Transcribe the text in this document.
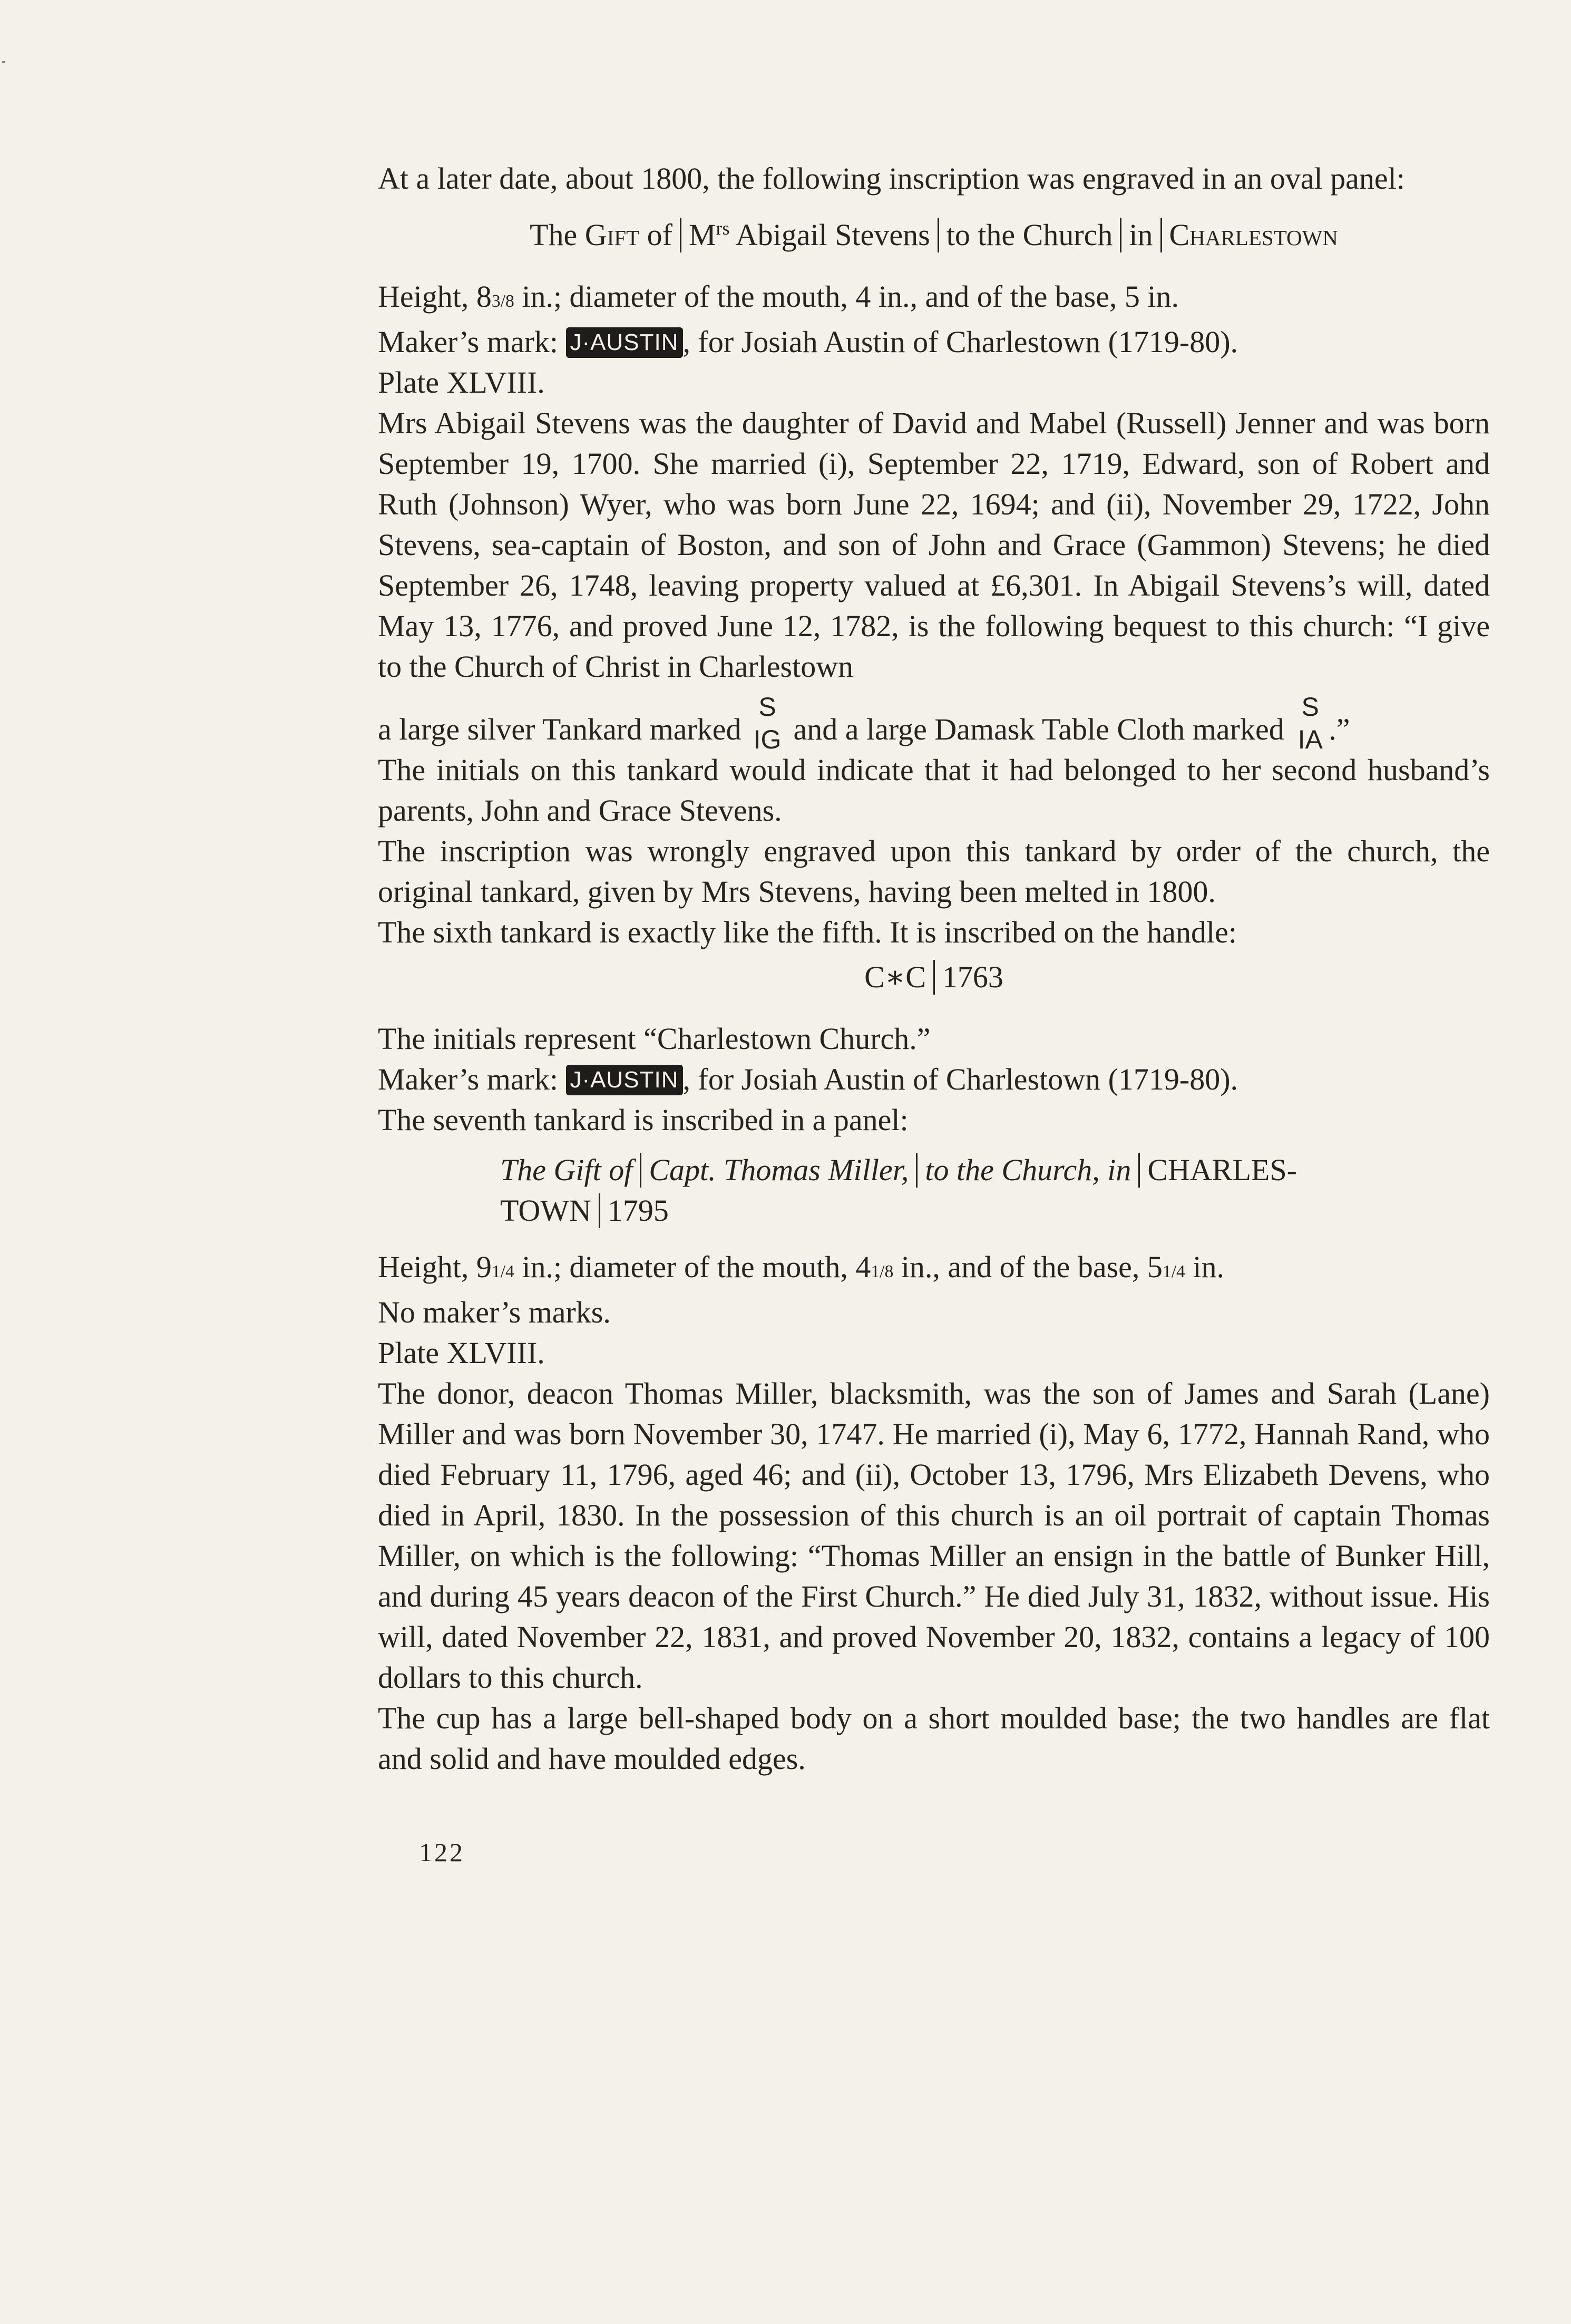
At a later date, about 1800, the following inscription was engraved in an oval panel:

The Gift of $M^{rs}$ Abigail Stevens to the Church in Charlestown

Height, 83/8 in.; diameter of the mouth, 4 in., and of the base, 5 in.

Maker’s mark: J·AUSTIN , for Josiah Austin of Charlestown (1719-80).

Plate XLVIII.

Mrs Abigail Stevens was the daughter of David and Mabel (Russell) Jenner and was born September 19, 1700. She married (i), September 22, 1719, Edward, son of Robert and Ruth (Johnson) Wyer, who was born June 22, 1694; and (ii), November 29, 1722, John Stevens, sea-captain of Boston, and son of John and Grace (Gammon) Stevens; he died September 26, 1748, leaving property valued at £6,301. In Abigail Stevens’s will, dated May 13, 1776, and proved June 12, 1782, is the following bequest to this church: “I give to the Church of Christ in Charlestown

a large silver Tankard marked
S
IG and a large Damask Table Cloth marked
S
IA .”

The initials on this tankard would indicate that it had belonged to her second husband’s parents, John and Grace Stevens.

The inscription was wrongly engraved upon this tankard by order of the church, the original tankard, given by Mrs Stevens, having been melted in 1800.

The sixth tankard is exactly like the fifth. It is inscribed on the handle:

C∗C 1763

The initials represent “Charlestown Church.”

Maker’s mark: J·AUSTIN , for Josiah Austin of Charlestown (1719-80).

The seventh tankard is inscribed in a panel:

The Gift of Capt. Thomas Miller, to the Church, in CHARLES-
TOWN 1795

Height, 91/4 in.; diameter of the mouth, 41/8 in., and of the base, 51/4 in.

No maker’s marks.

Plate XLVIII.

The donor, deacon Thomas Miller, blacksmith, was the son of James and Sarah (Lane) Miller and was born November 30, 1747. He married (i), May 6, 1772, Hannah Rand, who died February 11, 1796, aged 46; and (ii), October 13, 1796, Mrs Elizabeth Devens, who died in April, 1830. In the possession of this church is an oil portrait of captain Thomas Miller, on which is the following: “Thomas Miller an ensign in the battle of Bunker Hill, and during 45 years deacon of the First Church.” He died July 31, 1832, without issue. His will, dated November 22, 1831, and proved November 20, 1832, contains a legacy of 100 dollars to this church.

The cup has a large bell-shaped body on a short moulded base; the two handles are flat and solid and have moulded edges.

122
